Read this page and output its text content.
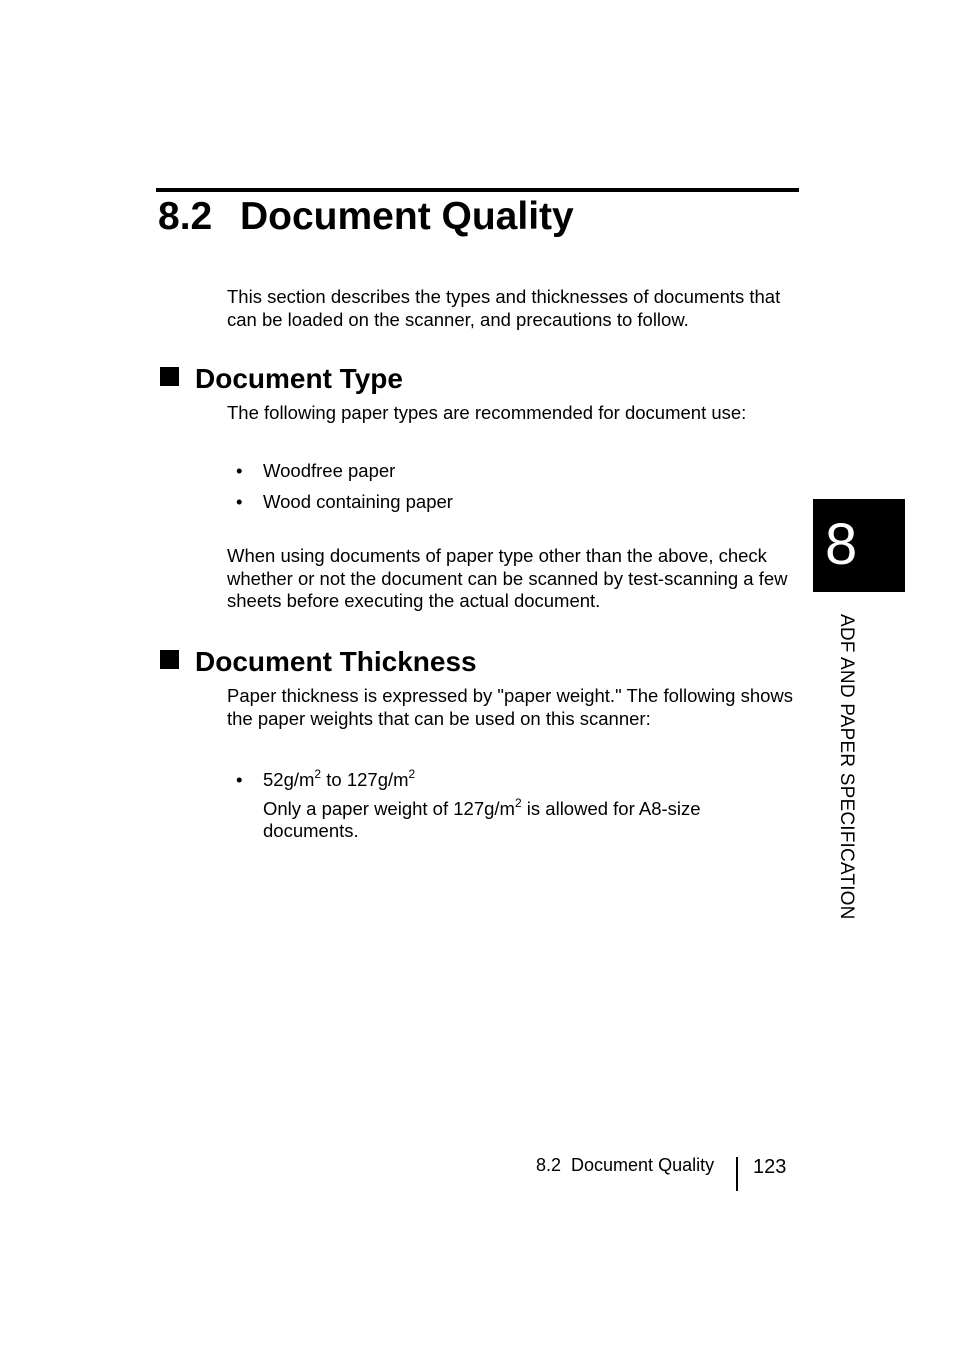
8.2 Document Quality

This section describes the types and thicknesses of documents that can be loaded on the scanner, and precautions to follow.

Document Type

The following paper types are recommended for document use:

• Woodfree paper
• Wood containing paper

When using documents of paper type other than the above, check whether or not the document can be scanned by test-scanning a few sheets before executing the actual document.

Document Thickness

Paper thickness is expressed by "paper weight." The following shows the paper weights that can be used on this scanner:

• $52g/m^2$ to $127g/m^2$

Only a paper weight of $127g/m^2$ is allowed for A8-size documents.

8
ADF AND PAPER SPECIFICATION
8.2  Document Quality 123
